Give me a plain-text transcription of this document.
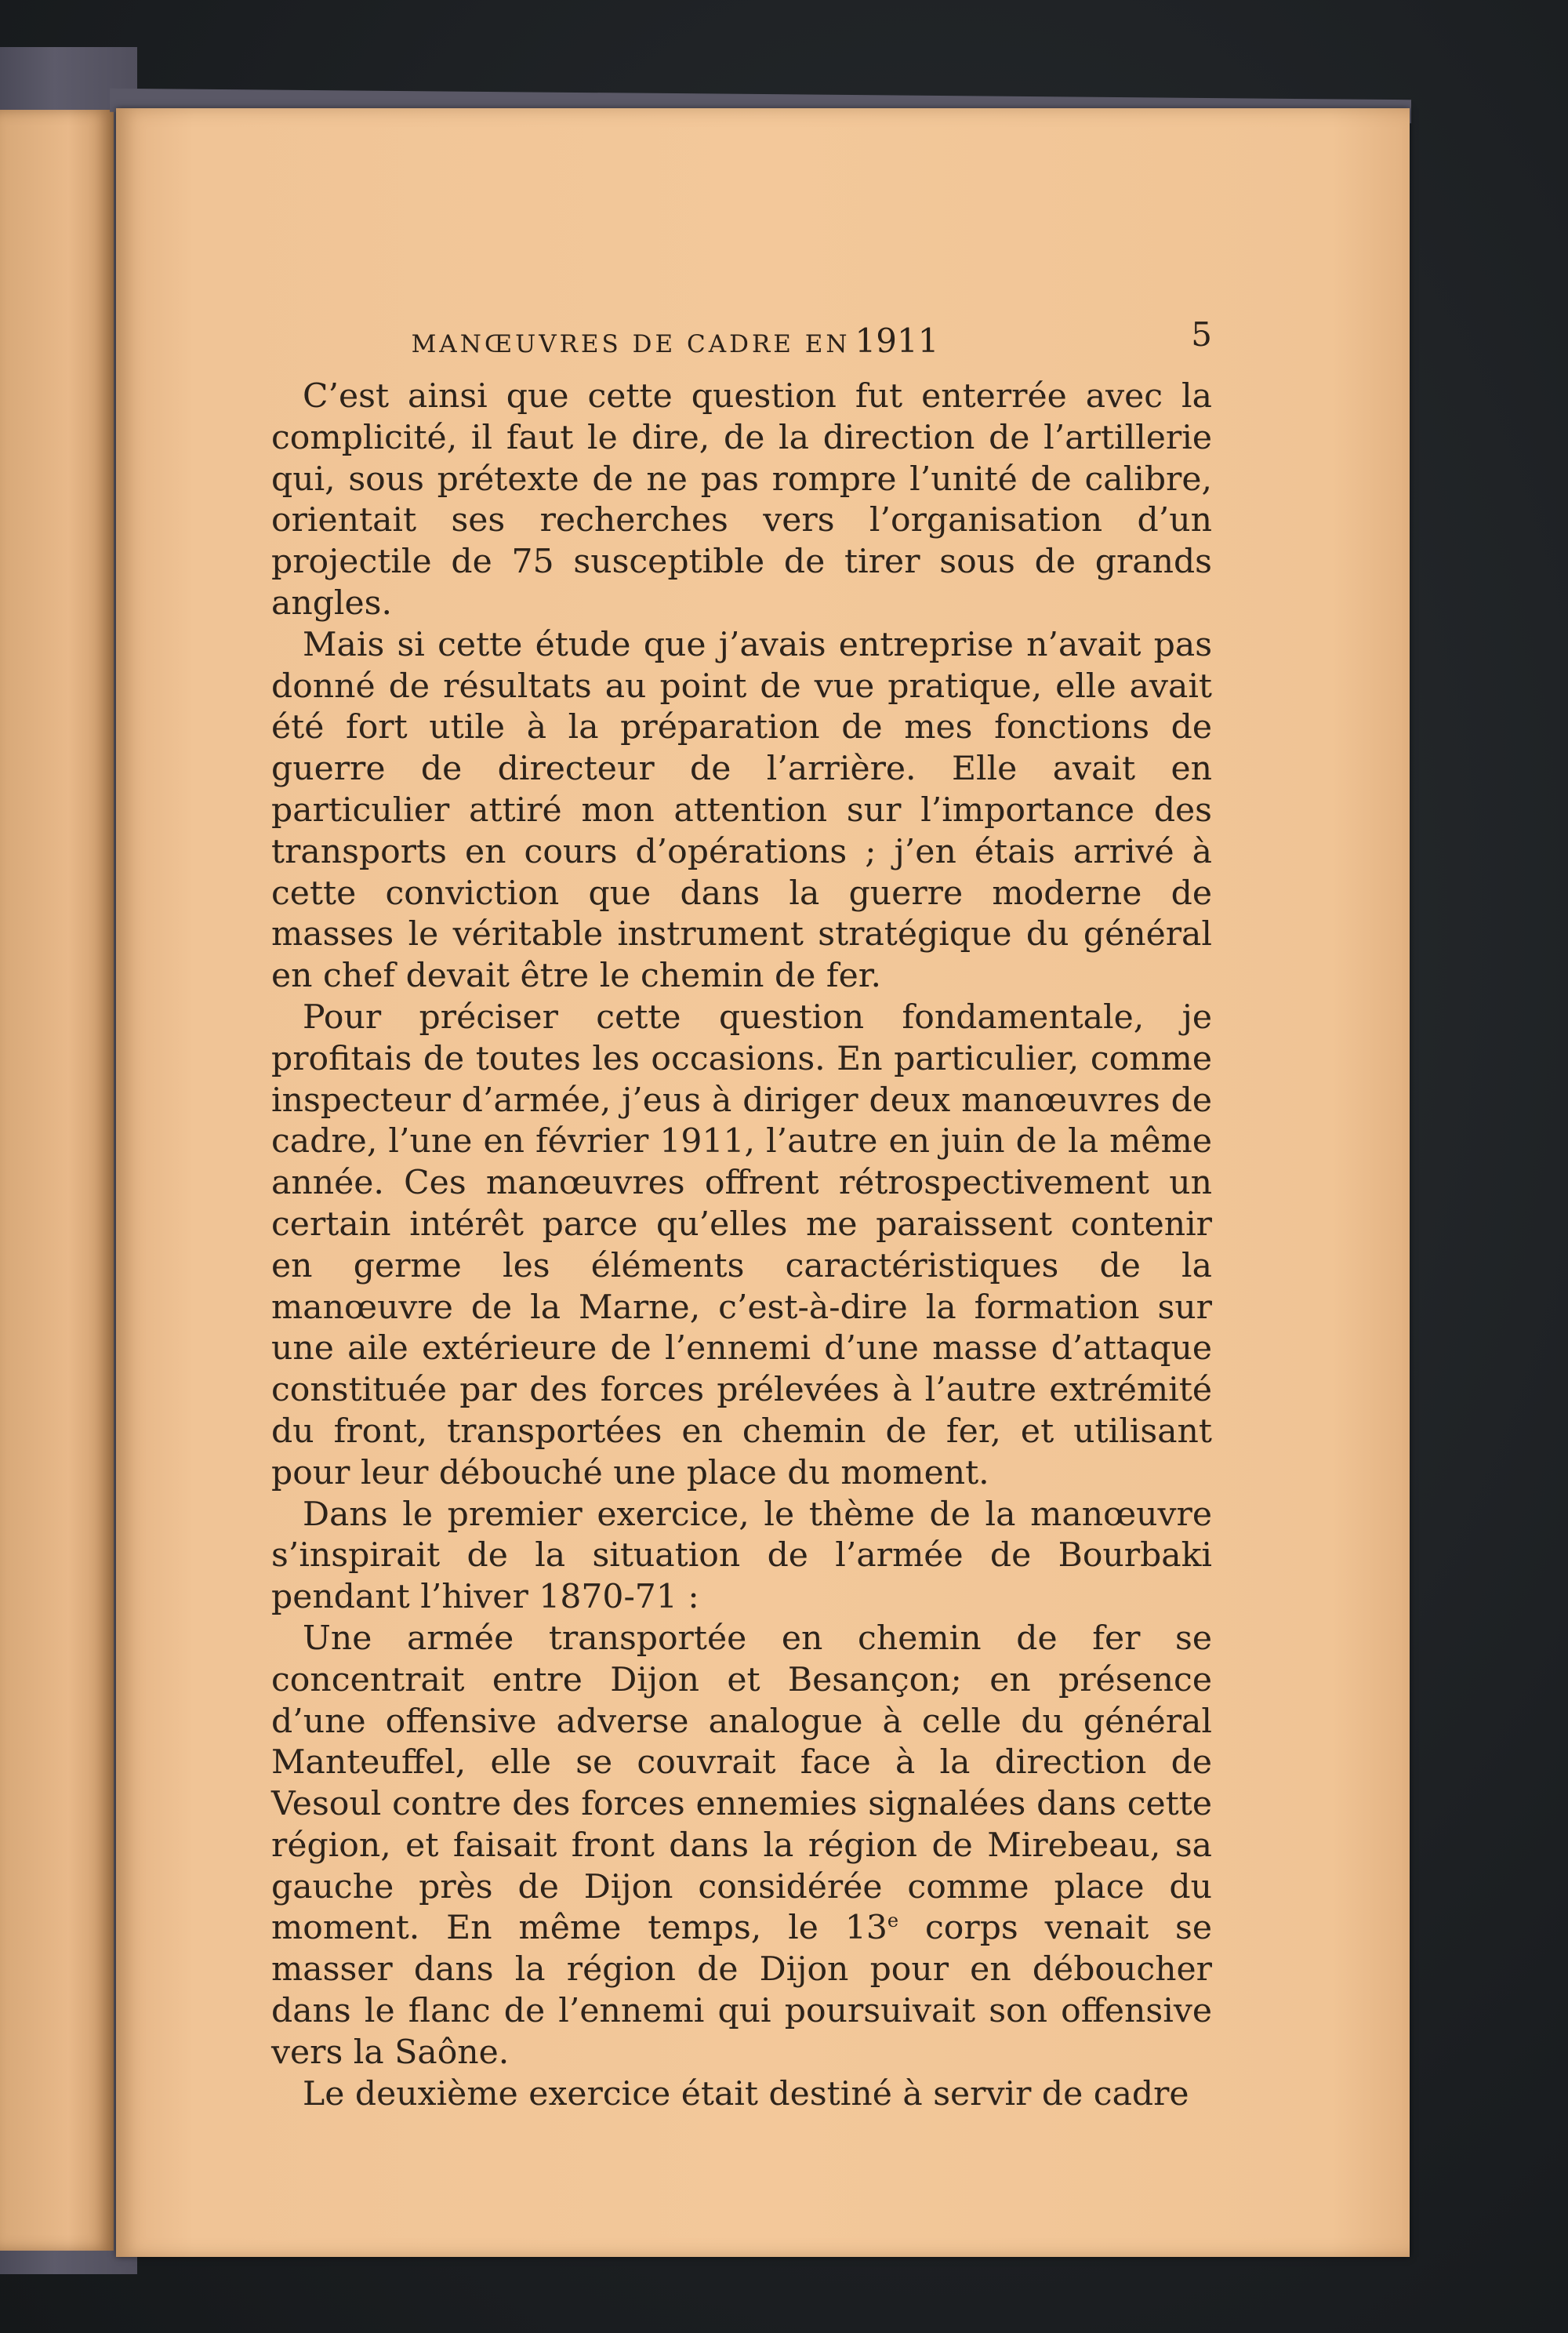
MANŒUVRES DE CADRE EN 1911	5

C’est ainsi que cette question fut enterrée avec la complicité, il faut le dire, de la direction de l’artillerie qui, sous prétexte de ne pas rompre l’unité de calibre, orientait ses recherches vers l’organisation d’un projectile de 75 susceptible de tirer sous de grands angles.

Mais si cette étude que j’avais entreprise n’avait pas donné de résultats au point de vue pratique, elle avait été fort utile à la préparation de mes fonctions de guerre de directeur de l’arrière. Elle avait en particulier attiré mon attention sur l’importance des transports en cours d’opérations ; j’en étais arrivé à cette conviction que dans la guerre moderne de masses le véritable instrument stratégique du général en chef devait être le chemin de fer.

Pour préciser cette question fondamentale, je profitais de toutes les occasions. En particulier, comme inspecteur d’armée, j’eus à diriger deux manœuvres de cadre, l’une en février 1911, l’autre en juin de la même année. Ces manœuvres offrent rétrospectivement un certain intérêt parce qu’elles me paraissent contenir en germe les éléments caractéristiques de la manœuvre de la Marne, c’est-à-dire la formation sur une aile extérieure de l’ennemi d’une masse d’attaque constituée par des forces prélevées à l’autre extrémité du front, transportées en chemin de fer, et utilisant pour leur débouché une place du moment.

Dans le premier exercice, le thème de la manœuvre s’inspirait de la situation de l’armée de Bourbaki pendant l’hiver 1870-71 :

Une armée transportée en chemin de fer se concentrait entre Dijon et Besançon; en présence d’une offensive adverse analogue à celle du général Manteuffel, elle se couvrait face à la direction de Vesoul contre des forces ennemies signalées dans cette région, et faisait front dans la région de Mirebeau, sa gauche près de Dijon considérée comme place du moment. En même temps, le 13e corps venait se masser dans la région de Dijon pour en déboucher dans le flanc de l’ennemi qui poursuivait son offensive vers la Saône.

Le deuxième exercice était destiné à servir de cadre
